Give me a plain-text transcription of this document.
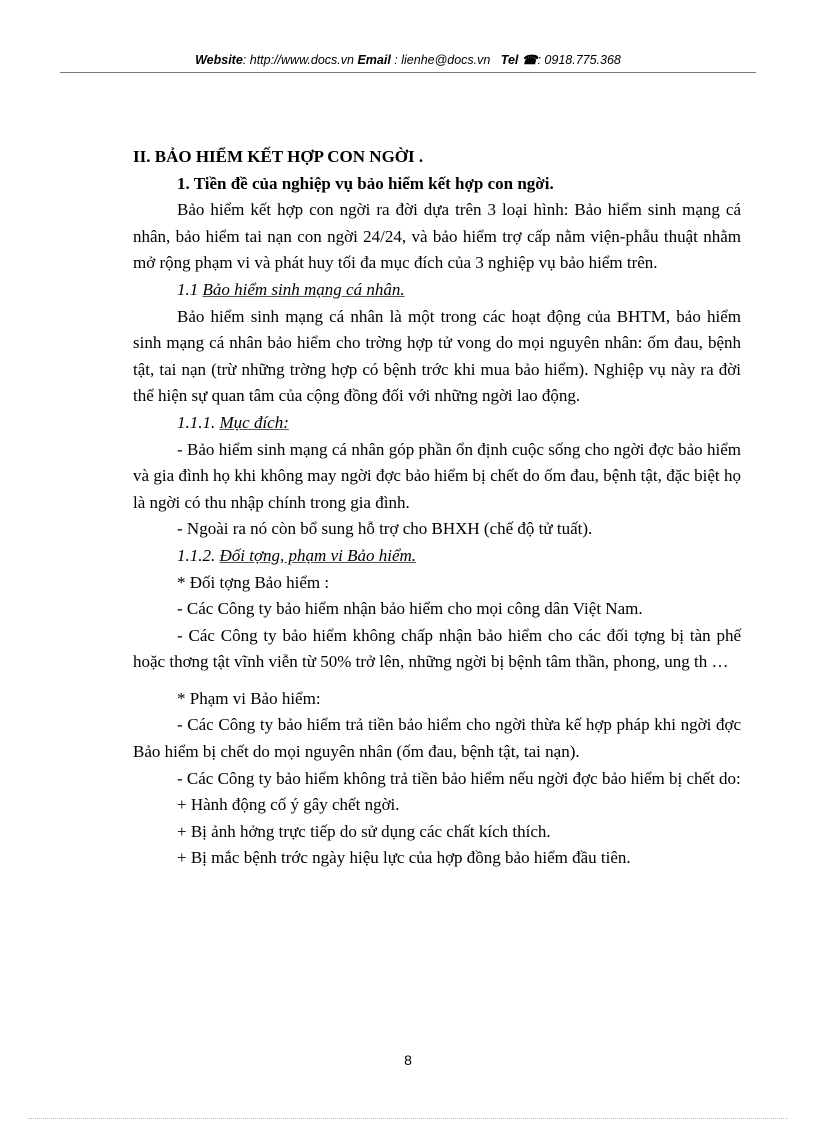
Website: http://www.docs.vn Email : lienhe@docs.vn Tel ☎: 0918.775.368

II. BẢO HIỂM KẾT HỢP CON NGỜI .

1. Tiền đề của nghiệp vụ bảo hiểm kết hợp con ngời.

Bảo hiểm kết hợp con ngời ra đời dựa trên 3 loại hình: Bảo hiểm sinh mạng cá nhân, bảo hiểm tai nạn con ngời 24/24, và bảo hiểm trợ cấp nằm viện-phẫu thuật nhằm mở rộng phạm vi và phát huy tối đa mục đích của 3 nghiệp vụ bảo hiểm trên.

1.1 Bảo hiểm sinh mạng cá nhân.

Bảo hiểm sinh mạng cá nhân là một trong các hoạt động của BHTM, bảo hiểm sinh mạng cá nhân bảo hiểm cho trờng hợp tử vong do mọi nguyên nhân: ốm đau, bệnh tật, tai nạn (trừ những trờng hợp có bệnh trớc khi mua bảo hiểm). Nghiệp vụ này ra đời thể hiện sự quan tâm của cộng đồng đối với những ngời lao động.

1.1.1. Mục đích:

- Bảo hiểm sinh mạng cá nhân góp phần ổn định cuộc sống cho ngời đợc bảo hiểm và gia đình họ khi không may ngời đợc bảo hiểm bị chết do ốm đau, bệnh tật, đặc biệt họ là ngời có thu nhập chính trong gia đình.

- Ngoài ra nó còn bổ sung hỗ trợ cho BHXH (chế độ tử tuất).

1.1.2. Đối tợng, phạm vi Bảo hiểm.

* Đối tợng Bảo hiểm :

- Các Công ty bảo hiểm nhận bảo hiểm cho mọi công dân Việt Nam.

- Các Công ty bảo hiểm không chấp nhận bảo hiểm cho các đối tợng bị tàn phế hoặc thơng tật vĩnh viễn từ 50% trở lên, những ngời bị bệnh tâm thần, phong, ung th …

* Phạm vi Bảo hiểm:

- Các Công ty bảo hiểm trả tiền bảo hiểm cho ngời thừa kế hợp pháp khi ngời đợc Bảo hiểm bị chết do mọi nguyên nhân (ốm đau, bệnh tật, tai nạn).

- Các Công ty bảo hiểm không trả tiền bảo hiểm nếu ngời đợc bảo hiểm bị chết do:

+ Hành động cố ý gây chết ngời.

+ Bị ảnh hởng trực tiếp do sử dụng các chất kích thích.

+ Bị mắc bệnh trớc ngày hiệu lực của hợp đồng bảo hiểm đầu tiên.

8
